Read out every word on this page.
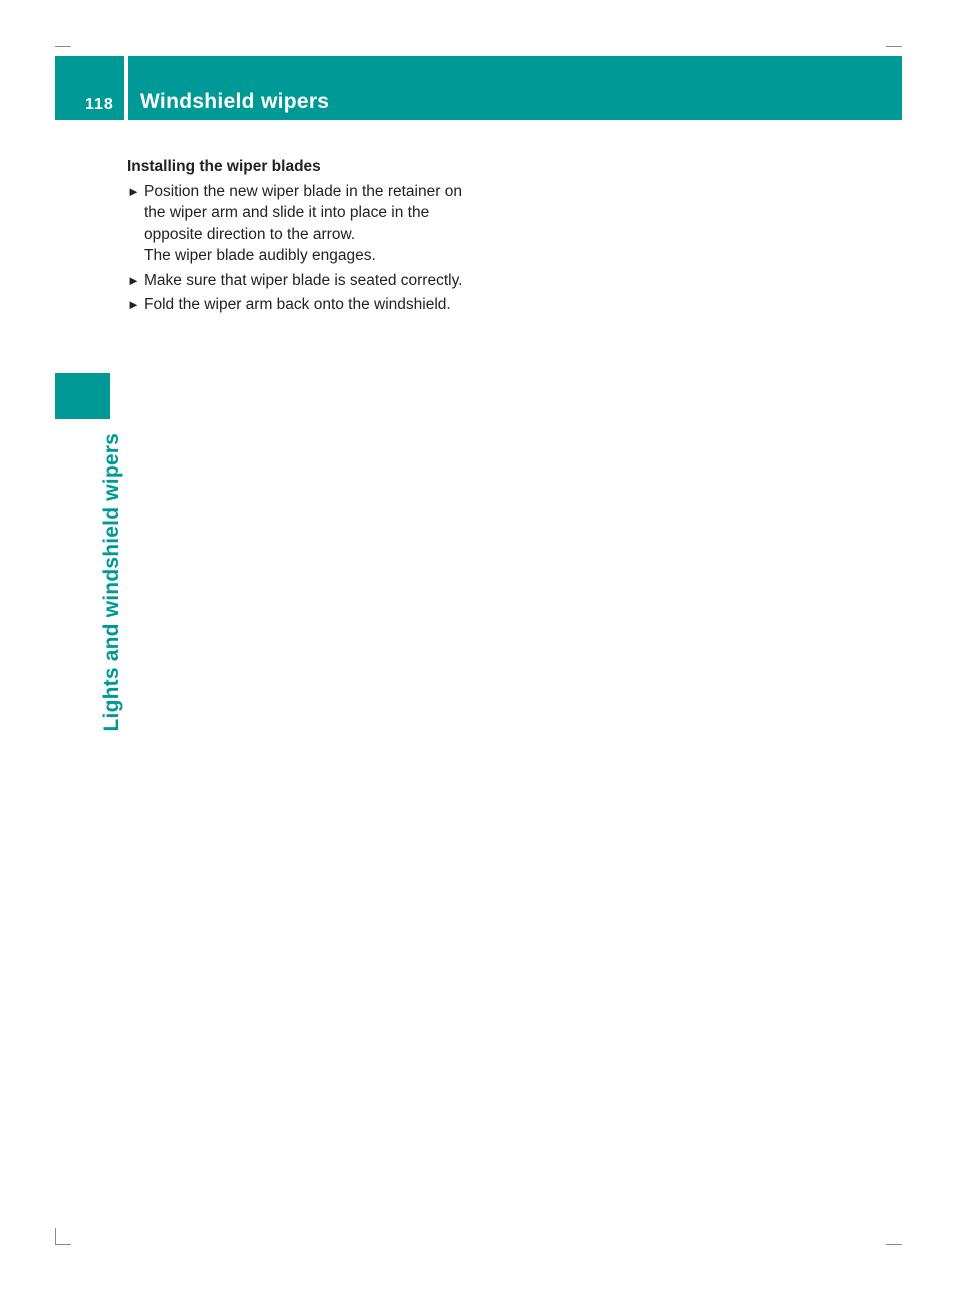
118 Windshield wipers
Lights and windshield wipers
Installing the wiper blades
► Position the new wiper blade in the retainer on the wiper arm and slide it into place in the opposite direction to the arrow.
The wiper blade audibly engages.
► Make sure that wiper blade is seated correctly.
► Fold the wiper arm back onto the windshield.
